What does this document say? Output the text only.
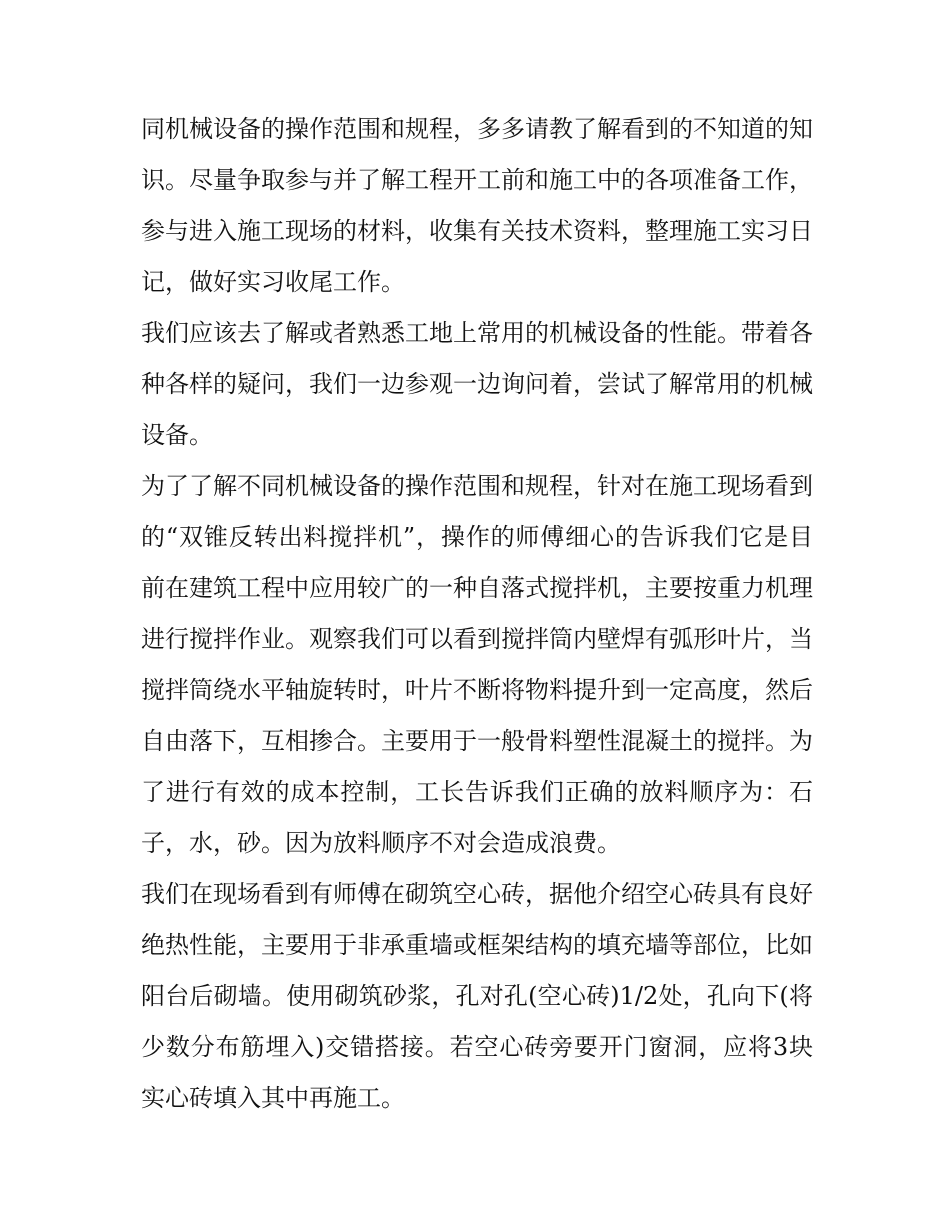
同机械设备的操作范围和规程，多多请教了解看到的不知道的知识。尽量争取参与并了解工程开工前和施工中的各项准备工作，参与进入施工现场的材料，收集有关技术资料，整理施工实习日记，做好实习收尾工作。

我们应该去了解或者熟悉工地上常用的机械设备的性能。带着各种各样的疑问，我们一边参观一边询问着，尝试了解常用的机械设备。

为了了解不同机械设备的操作范围和规程，针对在施工现场看到的“双锥反转出料搅拌机”，操作的师傅细心的告诉我们它是目前在建筑工程中应用较广的一种自落式搅拌机，主要按重力机理进行搅拌作业。观察我们可以看到搅拌筒内壁焊有弧形叶片，当搅拌筒绕水平轴旋转时，叶片不断将物料提升到一定高度，然后自由落下，互相掺合。主要用于一般骨料塑性混凝土的搅拌。为了进行有效的成本控制，工长告诉我们正确的放料顺序为：石子，水，砂。因为放料顺序不对会造成浪费。

我们在现场看到有师傅在砌筑空心砖，据他介绍空心砖具有良好绝热性能，主要用于非承重墙或框架结构的填充墙等部位，比如阳台后砌墙。使用砌筑砂浆，孔对孔(空心砖)1/2处，孔向下(将少数分布筋埋入)交错搭接。若空心砖旁要开门窗洞，应将3块实心砖填入其中再施工。
